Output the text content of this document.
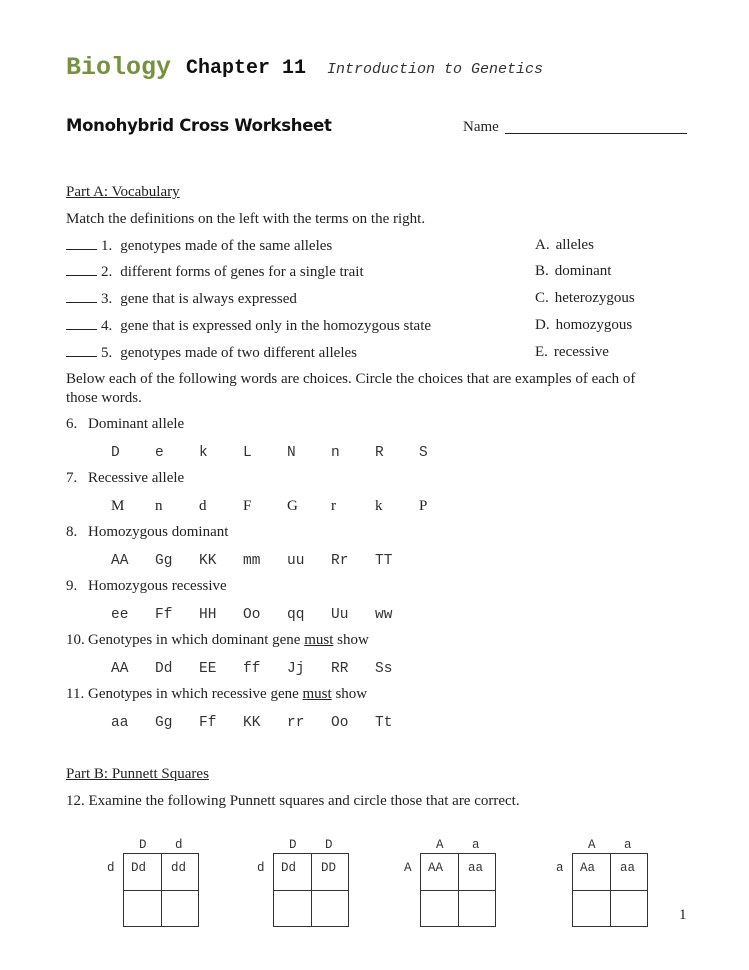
Biology Chapter 11 Introduction to Genetics
Monohybrid Cross Worksheet	Name
Part A: Vocabulary
Match the definitions on the left with the terms on the right.
1. genotypes made of the same alleles
2. different forms of genes for a single trait
3. gene that is always expressed
4. gene that is expressed only in the homozygous state
5. genotypes made of two different alleles
A. alleles
B. dominant
C. heterozygous
D. homozygous
E. recessive
Below each of the following words are choices. Circle the choices that are examples of each of
those words.
6. Dominant allele
D e k L N n R S
7. Recessive allele
M n d F G r	k P
8. Homozygous dominant
AA Gg KK mm uu Rr TT
9. Homozygous recessive
ee Ff HH Oo qq Uu ww
10. Genotypes in which dominant gene must show
AA Dd EE ff Jj RR Ss
11. Genotypes in which recessive gene must show
aa Gg Ff KK rr Oo Tt
Part B: Punnett Squares
12. Examine the following Punnett squares and circle those that are correct.
D d
d Dd dd
D D
d Dd DD
A a
A AA aa
A a
a Aa aa
1
